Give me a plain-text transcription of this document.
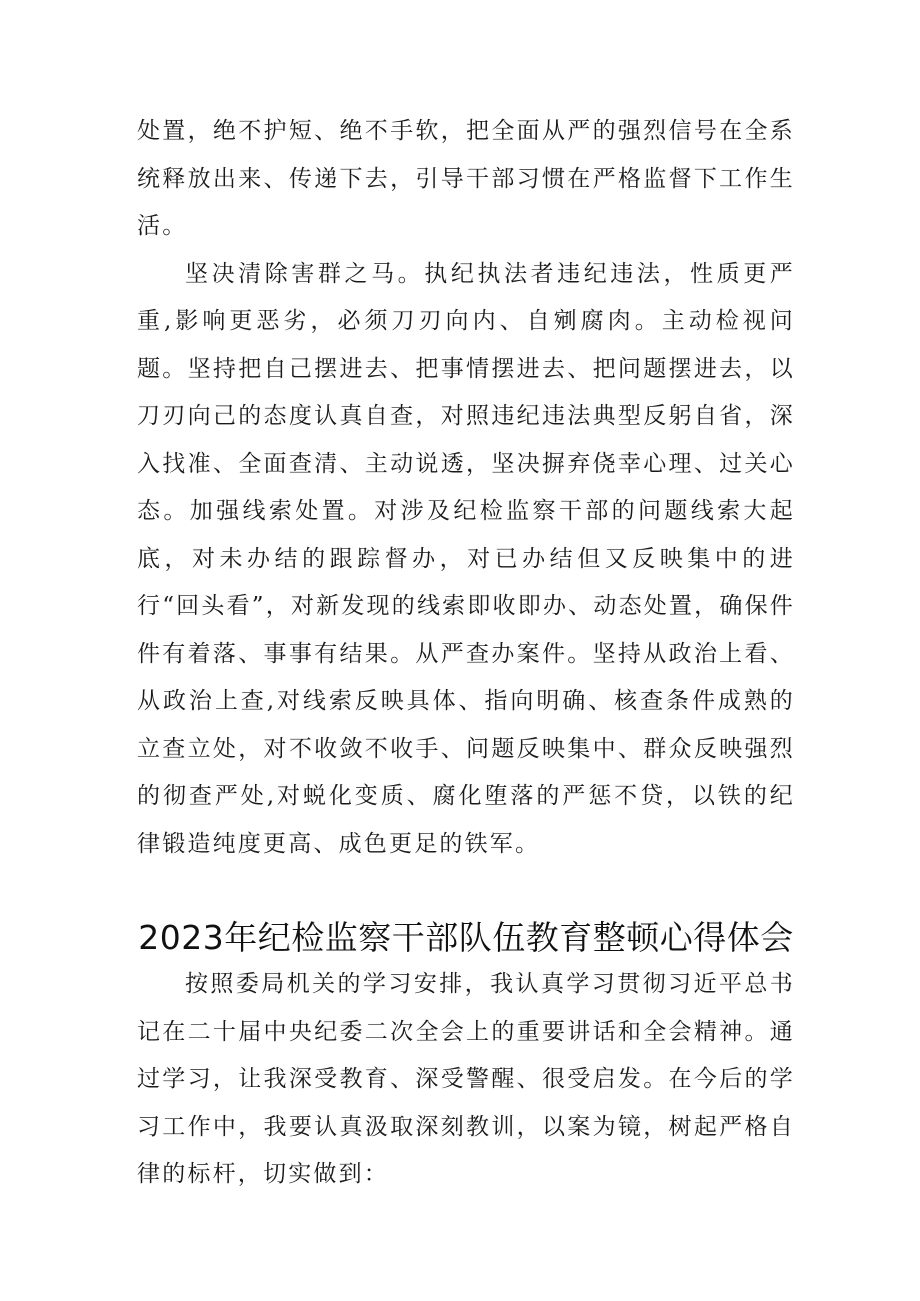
处置，绝不护短、绝不手软，把全面从严的强烈信号在全系统释放出来、传递下去，引导干部习惯在严格监督下工作生活。

坚决清除害群之马。执纪执法者违纪违法，性质更严重,影响更恶劣，必须刀刃向内、自剜腐肉。主动检视问题。坚持把自己摆进去、把事情摆进去、把问题摆进去，以刀刃向己的态度认真自查，对照违纪违法典型反躬自省，深入找准、全面查清、主动说透，坚决摒弃侥幸心理、过关心态。加强线索处置。对涉及纪检监察干部的问题线索大起底，对未办结的跟踪督办，对已办结但又反映集中的进行“回头看”，对新发现的线索即收即办、动态处置，确保件件有着落、事事有结果。从严查办案件。坚持从政治上看、从政治上查,对线索反映具体、指向明确、核查条件成熟的立查立处，对不收敛不收手、问题反映集中、群众反映强烈的彻查严处,对蜕化变质、腐化堕落的严惩不贷，以铁的纪律锻造纯度更高、成色更足的铁军。

2023年纪检监察干部队伍教育整顿心得体会

按照委局机关的学习安排，我认真学习贯彻习近平总书记在二十届中央纪委二次全会上的重要讲话和全会精神。通过学习，让我深受教育、深受警醒、很受启发。在今后的学习工作中，我要认真汲取深刻教训，以案为镜，树起严格自律的标杆，切实做到：
